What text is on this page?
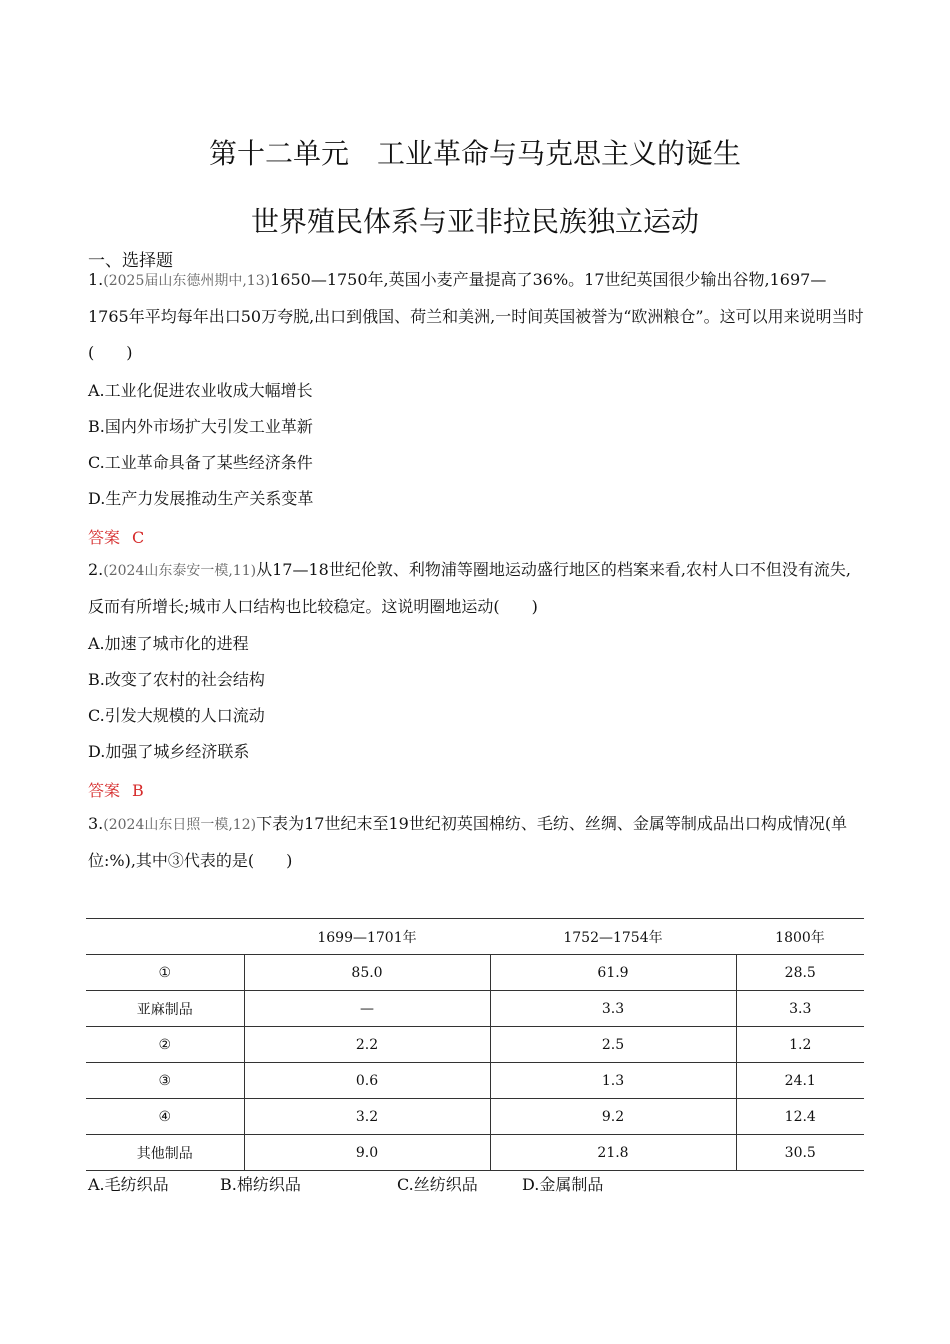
第十二单元　工业革命与马克思主义的诞生
世界殖民体系与亚非拉民族独立运动
一、选择题
1.(2025届山东德州期中,13)1650—1750年,英国小麦产量提高了36%。17世纪英国很少输出谷物,1697—1765年平均每年出口50万夸脱,出口到俄国、荷兰和美洲,一时间英国被誉为“欧洲粮仓”。这可以用来说明当时(　　)
A.工业化促进农业收成大幅增长
B.国内外市场扩大引发工业革新
C.工业革命具备了某些经济条件
D.生产力发展推动生产关系变革
答案 C
2.(2024山东泰安一模,11)从17—18世纪伦敦、利物浦等圈地运动盛行地区的档案来看,农村人口不但没有流失,反而有所增长;城市人口结构也比较稳定。这说明圈地运动(　　)
A.加速了城市化的进程
B.改变了农村的社会结构
C.引发大规模的人口流动
D.加强了城乡经济联系
答案 B
3.(2024山东日照一模,12)下表为17世纪末至19世纪初英国棉纺、毛纺、丝绸、金属等制成品出口构成情况(单位:%),其中③代表的是(　　)
	1699—1701年	1752—1754年	1800年
①	85.0	61.9	28.5
亚麻制品	—	3.3	3.3
②	2.2	2.5	1.2
③	0.6	1.3	24.1
④	3.2	9.2	12.4
其他制品	9.0	21.8	30.5
A.毛纺织品	B.棉纺织品	C.丝纺织品	D.金属制品
